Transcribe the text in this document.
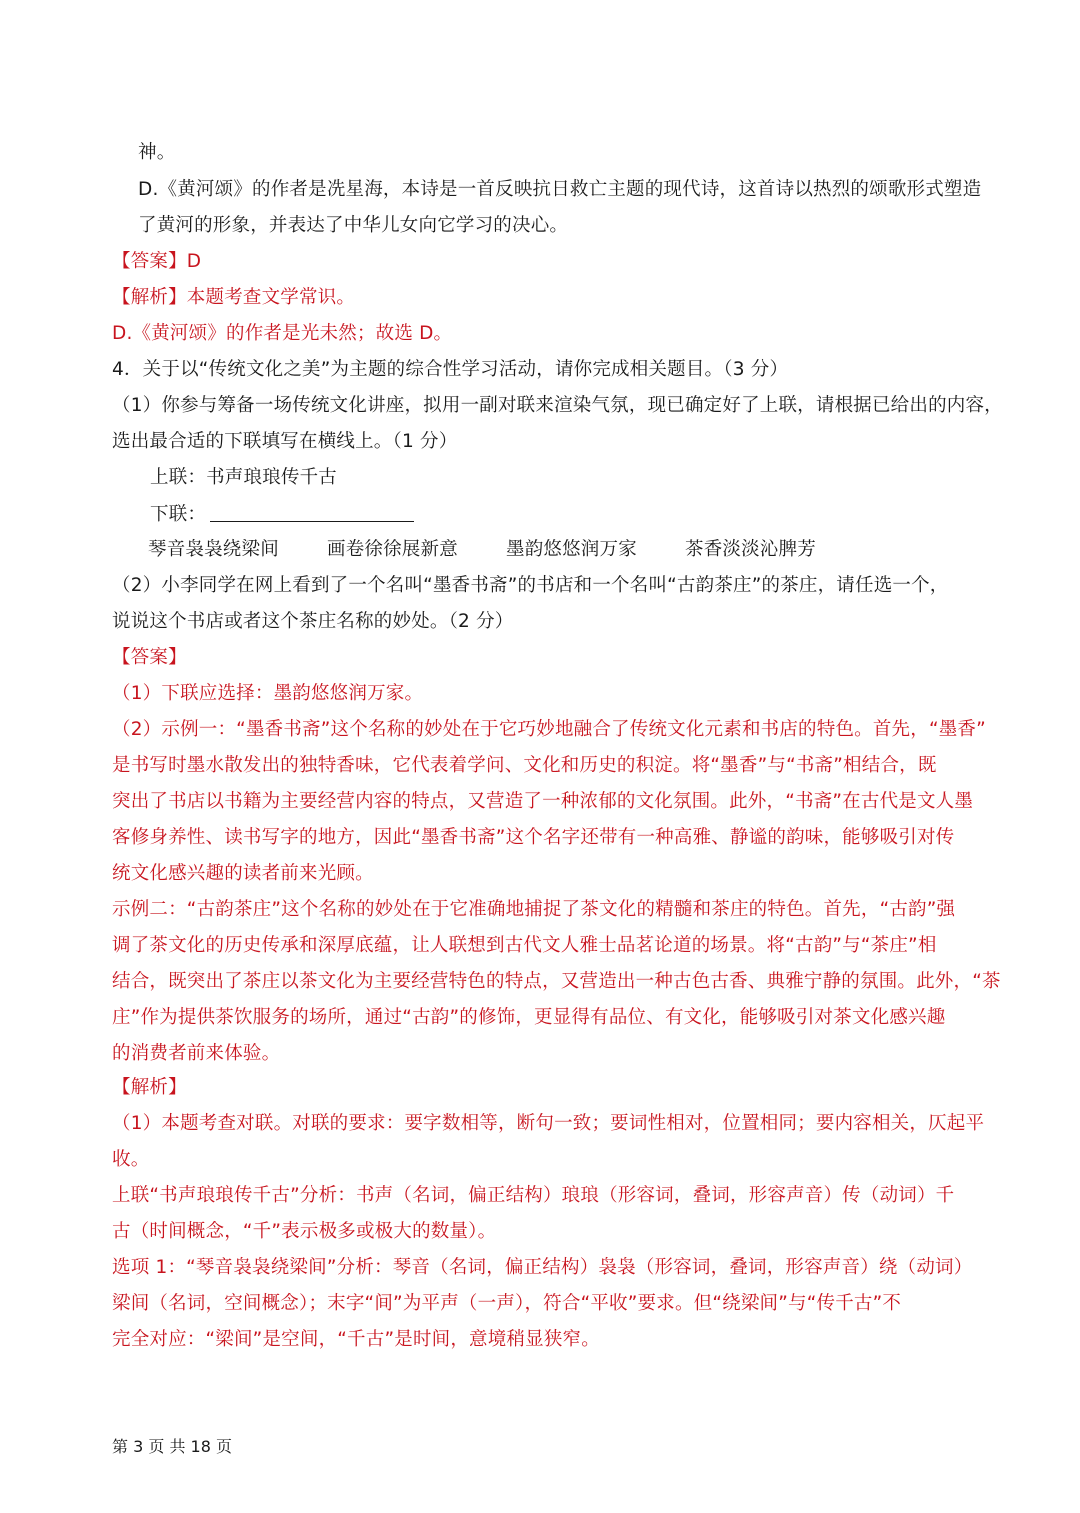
神。
D.《黄河颂》的作者是冼星海，本诗是一首反映抗日救亡主题的现代诗，这首诗以热烈的颂歌形式塑造
了黄河的形象，并表达了中华儿女向它学习的决心。
【答案】D
【解析】本题考查文学常识。
D.《黄河颂》的作者是光未然；故选 D。
4．关于以“传统文化之美”为主题的综合性学习活动，请你完成相关题目。（3 分）
（1）你参与筹备一场传统文化讲座，拟用一副对联来渲染气氛，现已确定好了上联，请根据已给出的内容，
选出最合适的下联填写在横线上。（1 分）
上联：书声琅琅传千古
下联：
琴音袅袅绕梁间	画卷徐徐展新意	墨韵悠悠润万家	茶香淡淡沁脾芳
（2）小李同学在网上看到了一个名叫“墨香书斋”的书店和一个名叫“古韵茶庄”的茶庄，请任选一个，
说说这个书店或者这个茶庄名称的妙处。（2 分）
【答案】
（1）下联应选择：墨韵悠悠润万家。
（2）示例一：“墨香书斋”这个名称的妙处在于它巧妙地融合了传统文化元素和书店的特色。首先，“墨香”
是书写时墨水散发出的独特香味，它代表着学问、文化和历史的积淀。将“墨香”与“书斋”相结合，既
突出了书店以书籍为主要经营内容的特点，又营造了一种浓郁的文化氛围。此外，“书斋”在古代是文人墨
客修身养性、读书写字的地方，因此“墨香书斋”这个名字还带有一种高雅、静谧的韵味，能够吸引对传
统文化感兴趣的读者前来光顾。
示例二：“古韵茶庄”这个名称的妙处在于它准确地捕捉了茶文化的精髓和茶庄的特色。首先，“古韵”强
调了茶文化的历史传承和深厚底蕴，让人联想到古代文人雅士品茗论道的场景。将“古韵”与“茶庄”相
结合，既突出了茶庄以茶文化为主要经营特色的特点，又营造出一种古色古香、典雅宁静的氛围。此外，“茶
庄”作为提供茶饮服务的场所，通过“古韵”的修饰，更显得有品位、有文化，能够吸引对茶文化感兴趣
的消费者前来体验。
【解析】
（1）本题考查对联。对联的要求：要字数相等，断句一致；要词性相对，位置相同；要内容相关，仄起平
收。
上联“书声琅琅传千古”分析：书声（名词，偏正结构）琅琅（形容词，叠词，形容声音）传（动词）千
古（时间概念，“千”表示极多或极大的数量）。
选项 1：“琴音袅袅绕梁间”分析：琴音（名词，偏正结构）袅袅（形容词，叠词，形容声音）绕（动词）
梁间（名词，空间概念）；末字“间”为平声（一声），符合“平收”要求。但“绕梁间”与“传千古”不
完全对应：“梁间”是空间，“千古”是时间，意境稍显狭窄。
第 3 页 共 18 页
